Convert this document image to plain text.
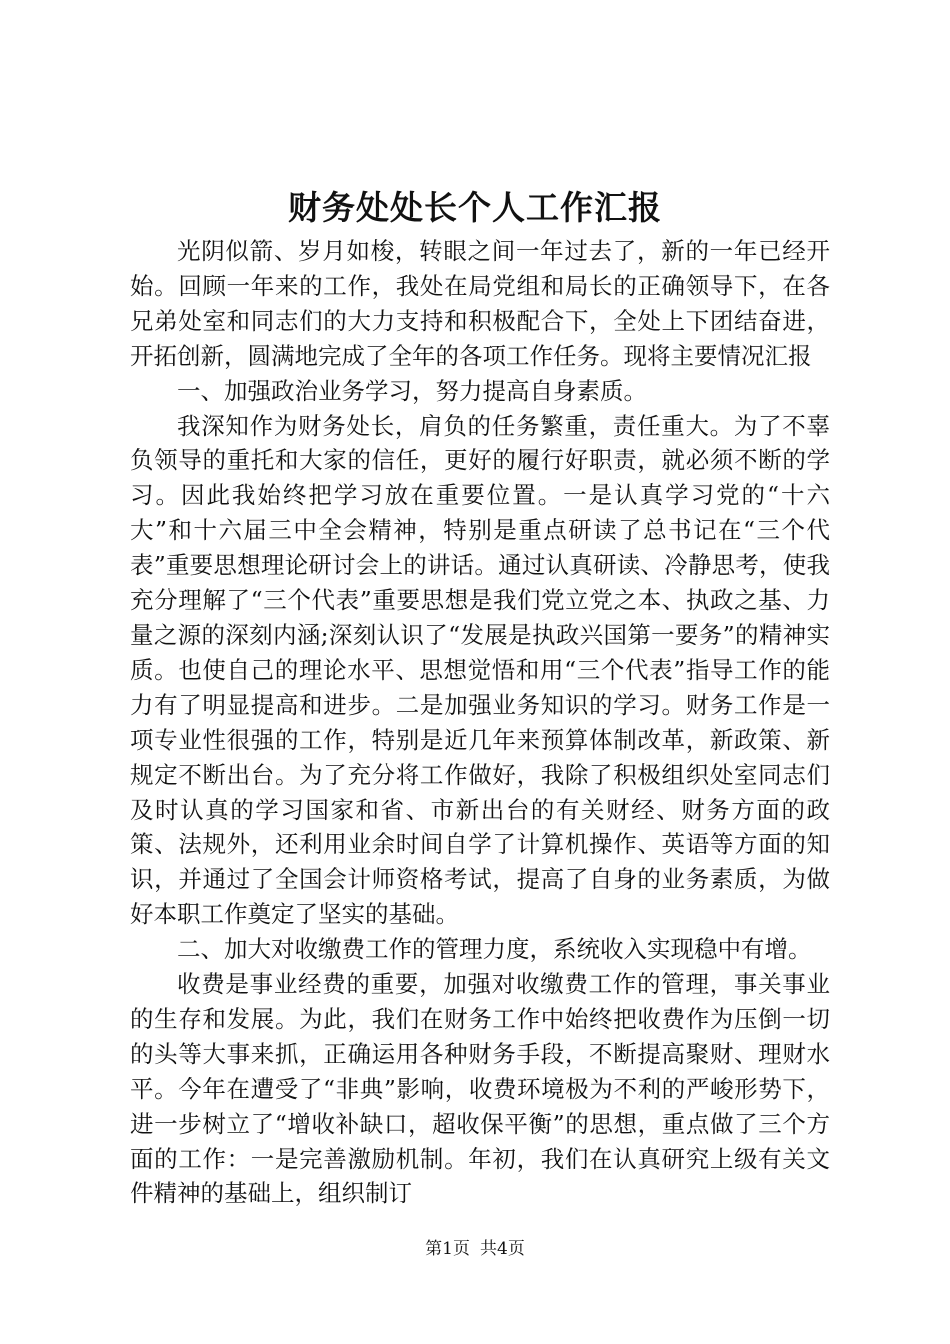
财务处处长个人工作汇报

光阴似箭、岁月如梭，转眼之间一年过去了，新的一年已经开始。回顾一年来的工作，我处在局党组和局长的正确领导下，在各兄弟处室和同志们的大力支持和积极配合下，全处上下团结奋进，开拓创新，圆满地完成了全年的各项工作任务。现将主要情况汇报

一、加强政治业务学习，努力提高自身素质。

我深知作为财务处长，肩负的任务繁重，责任重大。为了不辜负领导的重托和大家的信任，更好的履行好职责，就必须不断的学习。因此我始终把学习放在重要位置。一是认真学习党的“十六大”和十六届三中全会精神，特别是重点研读了总书记在“三个代表”重要思想理论研讨会上的讲话。通过认真研读、冷静思考，使我充分理解了“三个代表”重要思想是我们党立党之本、执政之基、力量之源的深刻内涵;深刻认识了“发展是执政兴国第一要务”的精神实质。也使自己的理论水平、思想觉悟和用“三个代表”指导工作的能力有了明显提高和进步。二是加强业务知识的学习。财务工作是一项专业性很强的工作，特别是近几年来预算体制改革，新政策、新规定不断出台。为了充分将工作做好，我除了积极组织处室同志们及时认真的学习国家和省、市新出台的有关财经、财务方面的政策、法规外，还利用业余时间自学了计算机操作、英语等方面的知识，并通过了全国会计师资格考试，提高了自身的业务素质，为做好本职工作奠定了坚实的基础。

二、加大对收缴费工作的管理力度，系统收入实现稳中有增。

收费是事业经费的重要，加强对收缴费工作的管理，事关事业的生存和发展。为此，我们在财务工作中始终把收费作为压倒一切的头等大事来抓，正确运用各种财务手段，不断提高聚财、理财水平。今年在遭受了“非典”影响，收费环境极为不利的严峻形势下，进一步树立了“增收补缺口，超收保平衡”的思想，重点做了三个方面的工作：一是完善激励机制。年初，我们在认真研究上级有关文件精神的基础上，组织制订

第1页 共4页
